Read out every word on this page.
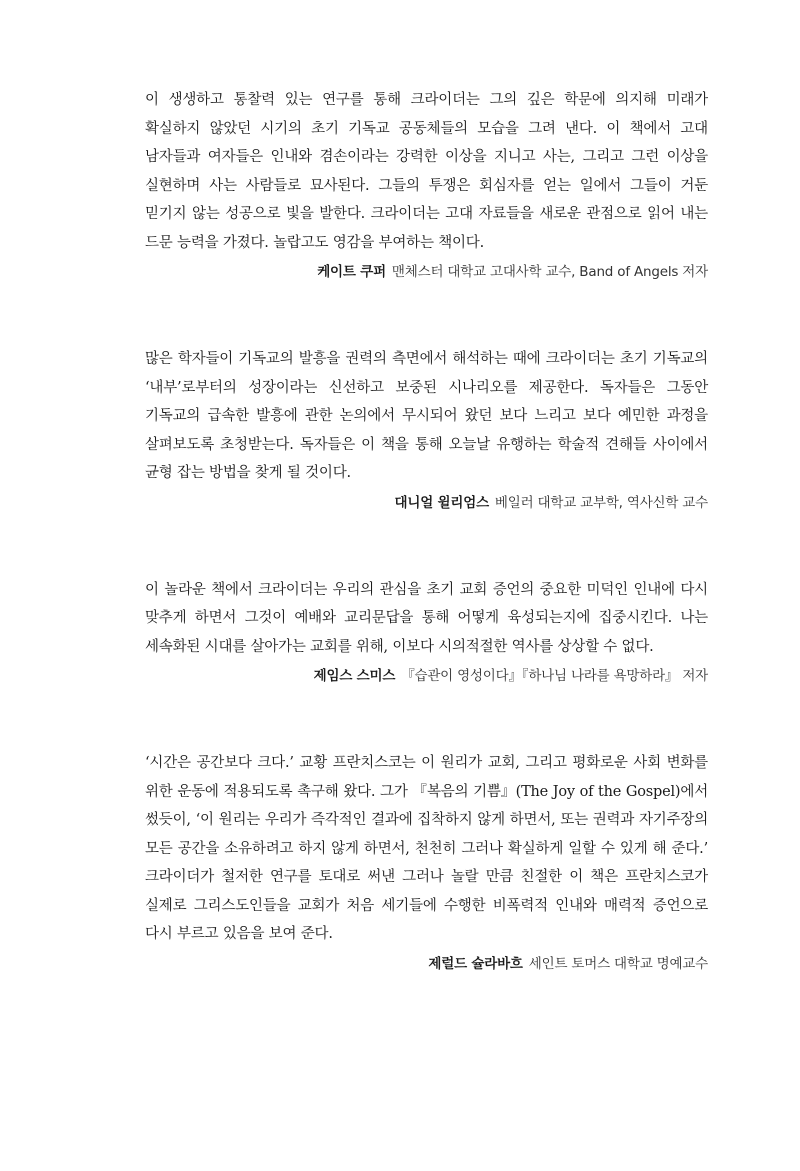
이 생생하고 통찰력 있는 연구를 통해 크라이더는 그의 깊은 학문에 의지해 미래가 확실하지 않았던 시기의 초기 기독교 공동체들의 모습을 그려 낸다. 이 책에서 고대 남자들과 여자들은 인내와 겸손이라는 강력한 이상을 지니고 사는, 그리고 그런 이상을 실현하며 사는 사람들로 묘사된다. 그들의 투쟁은 회심자를 얻는 일에서 그들이 거둔 믿기지 않는 성공으로 빛을 발한다. 크라이더는 고대 자료들을 새로운 관점으로 읽어 내는 드문 능력을 가졌다. 놀랍고도 영감을 부여하는 책이다.

케이트 쿠퍼 맨체스터 대학교 고대사학 교수, Band of Angels 저자

많은 학자들이 기독교의 발흥을 권력의 측면에서 해석하는 때에 크라이더는 초기 기독교의 ‘내부’로부터의 성장이라는 신선하고 보중된 시나리오를 제공한다. 독자들은 그동안 기독교의 급속한 발흥에 관한 논의에서 무시되어 왔던 보다 느리고 보다 예민한 과정을 살펴보도록 초청받는다. 독자들은 이 책을 통해 오늘날 유행하는 학술적 견해들 사이에서 균형 잡는 방법을 찾게 될 것이다.

대니얼 윌리엄스 베일러 대학교 교부학, 역사신학 교수

이 놀라운 책에서 크라이더는 우리의 관심을 초기 교회 증언의 중요한 미덕인 인내에 다시 맞추게 하면서 그것이 예배와 교리문답을 통해 어떻게 육성되는지에 집중시킨다. 나는 세속화된 시대를 살아가는 교회를 위해, 이보다 시의적절한 역사를 상상할 수 없다.

제임스 스미스 『습관이 영성이다』『하나님 나라를 욕망하라』 저자

‘시간은 공간보다 크다.’ 교황 프란치스코는 이 원리가 교회, 그리고 평화로운 사회 변화를 위한 운동에 적용되도록 촉구해 왔다. 그가 『복음의 기쁨』(The Joy of the Gospel)에서 썼듯이, ‘이 원리는 우리가 즉각적인 결과에 집착하지 않게 하면서, 또는 권력과 자기주장의 모든 공간을 소유하려고 하지 않게 하면서, 천천히 그러나 확실하게 일할 수 있게 해 준다.’ 크라이더가 철저한 연구를 토대로 써낸 그러나 놀랄 만큼 친절한 이 책은 프란치스코가 실제로 그리스도인들을 교회가 처음 세기들에 수행한 비폭력적 인내와 매력적 증언으로 다시 부르고 있음을 보여 준다.

제럴드 슐라바흐 세인트 토머스 대학교 명예교수
